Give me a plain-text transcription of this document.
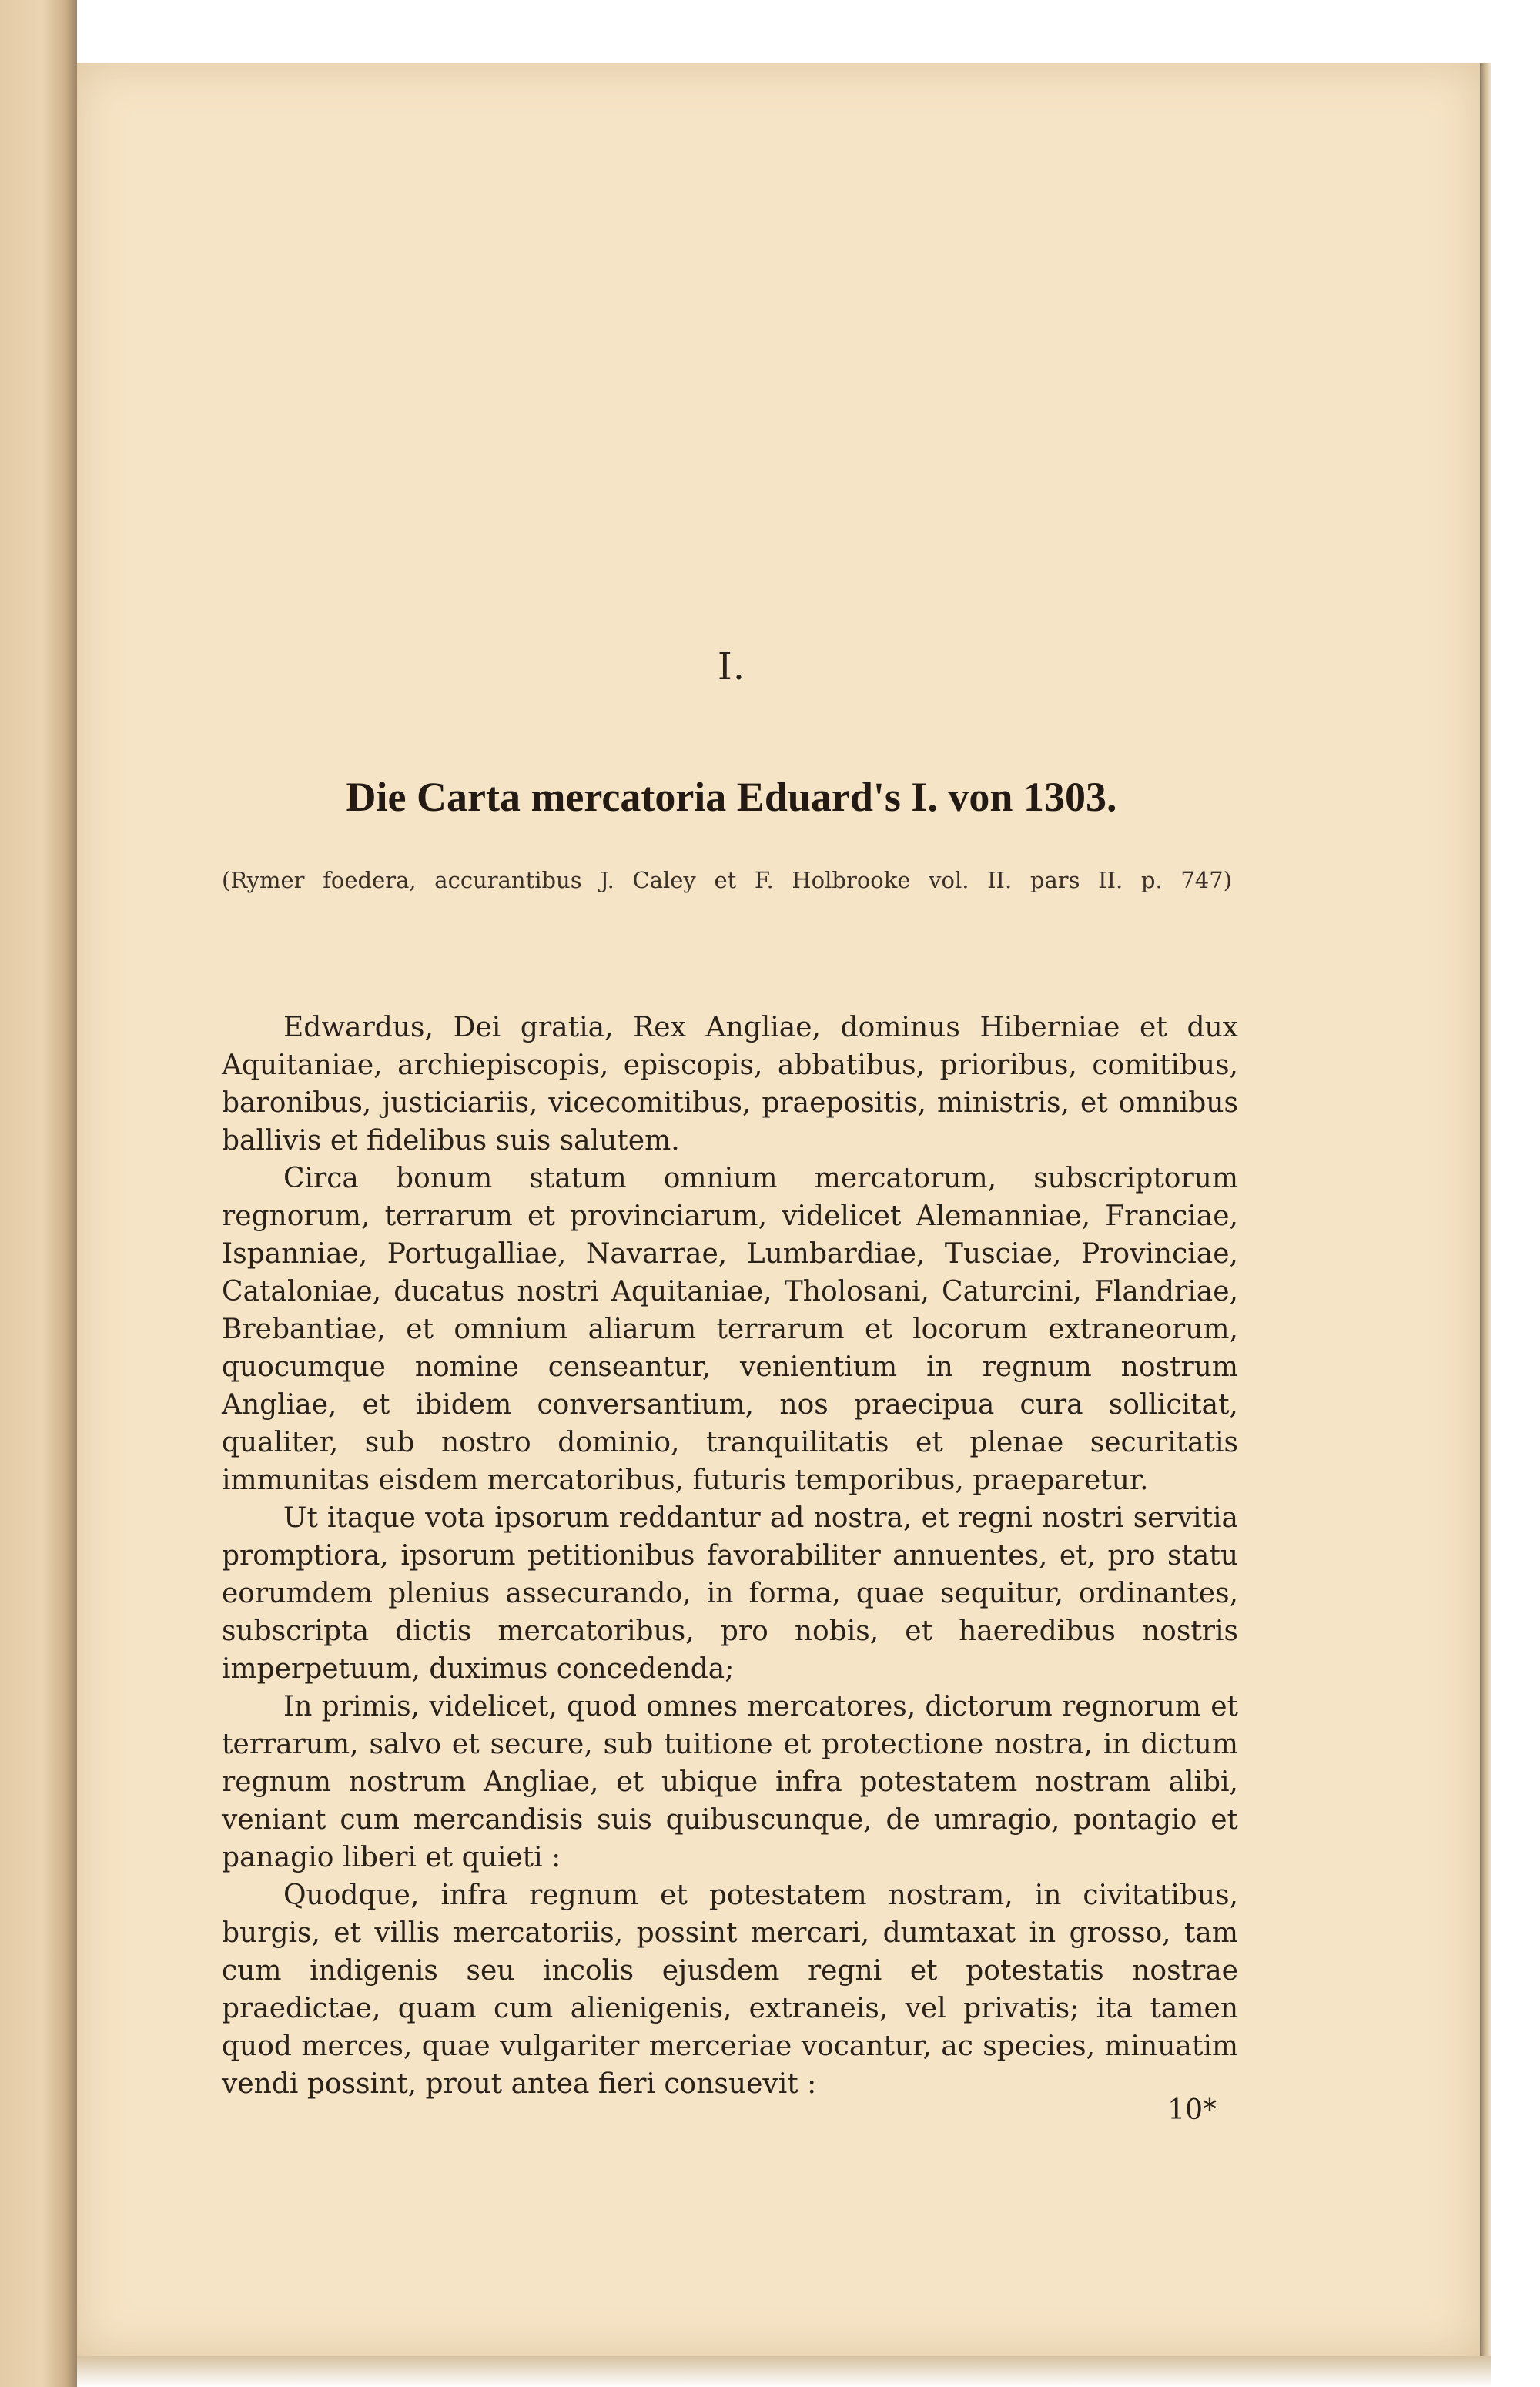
I.
Die Carta mercatoria Eduard's I. von 1303.
(Rymer foedera, accurantibus J. Caley et F. Holbrooke vol. II. pars II. p. 747)

Edwardus, Dei gratia, Rex Angliae, dominus Hiberniae et dux Aquitaniae, archiepiscopis, episcopis, abbatibus, prioribus, comitibus, baronibus, justiciariis, vicecomitibus, praepositis, ministris, et omnibus ballivis et fidelibus suis salutem.

Circa bonum statum omnium mercatorum, subscriptorum regnorum, terrarum et provinciarum, videlicet Alemanniae, Franciae, Ispanniae, Portugalliae, Navarrae, Lumbardiae, Tusciae, Provinciae, Cataloniae, ducatus nostri Aquitaniae, Tholosani, Caturcini, Flandriae, Brebantiae, et omnium aliarum terrarum et locorum extraneorum, quocumque nomine censeantur, venientium in regnum nostrum Angliae, et ibidem conversantium, nos praecipua cura sollicitat, qualiter, sub nostro dominio, tranquilitatis et plenae securitatis immunitas eisdem mercatoribus, futuris temporibus, praeparetur.

Ut itaque vota ipsorum reddantur ad nostra, et regni nostri servitia promptiora, ipsorum petitionibus favorabiliter annuentes, et, pro statu eorumdem plenius assecurando, in forma, quae sequitur, ordinantes, subscripta dictis mercatoribus, pro nobis, et haeredibus nostris imperpetuum, duximus concedenda;

In primis, videlicet, quod omnes mercatores, dictorum regnorum et terrarum, salvo et secure, sub tuitione et protectione nostra, in dictum regnum nostrum Angliae, et ubique infra potestatem nostram alibi, veniant cum mercandisis suis quibuscunque, de umragio, pontagio et panagio liberi et quieti :

Quodque, infra regnum et potestatem nostram, in civitatibus, burgis, et villis mercatoriis, possint mercari, dumtaxat in grosso, tam cum indigenis seu incolis ejusdem regni et potestatis nostrae praedictae, quam cum alienigenis, extraneis, vel privatis; ita tamen quod merces, quae vulgariter merceriae vocantur, ac species, minuatim vendi possint, prout antea fieri consuevit :

10*
